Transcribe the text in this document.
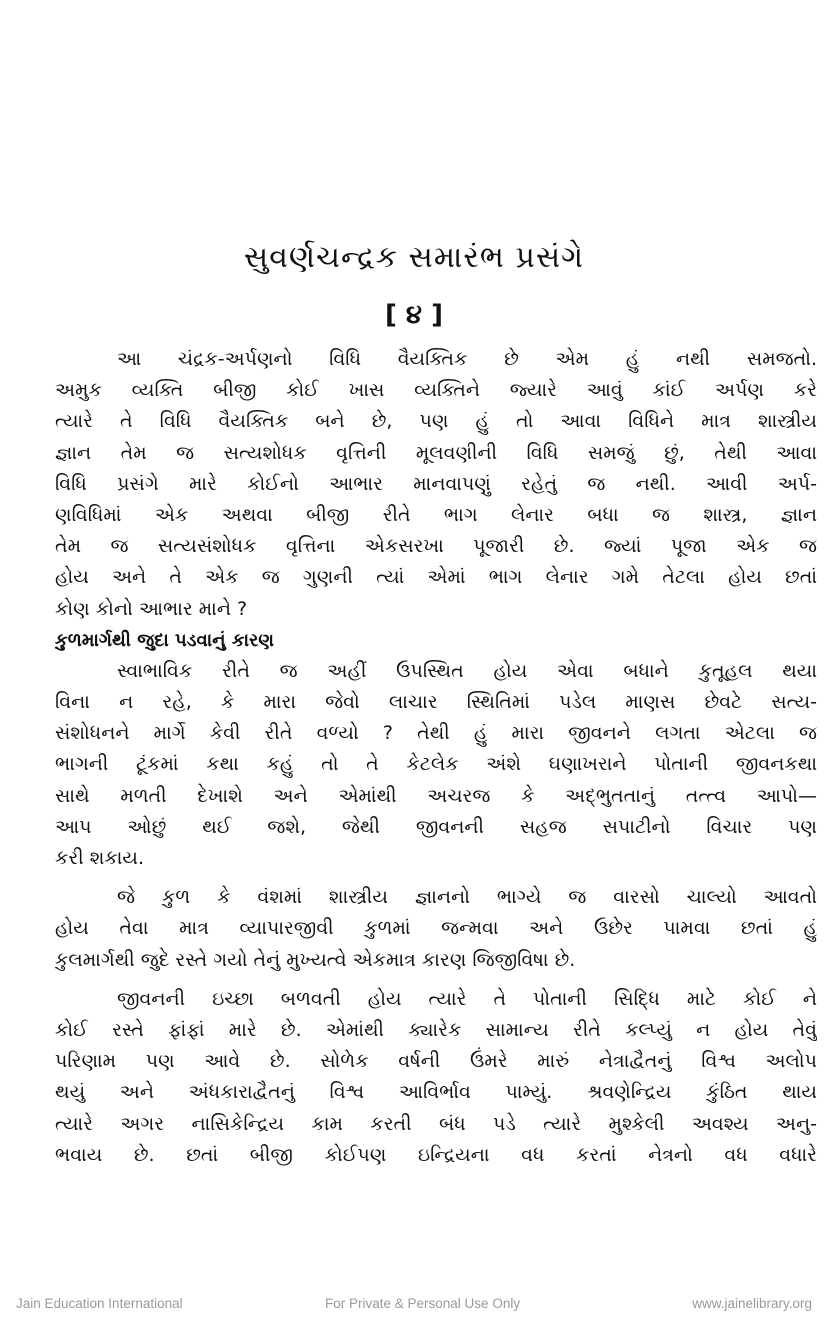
સુવર્ણચન્દ્રક સમારંભ પ્રસંગે
[ ૪ ]
આ ચંદ્રક-અર્પણનો વિધિ વૈયક્તિક છે એમ હું નથી સમજતો.
અમુક વ્યક્તિ બીજી કોઈ ખાસ વ્યક્તિને જ્યારે આવું કાંઈ અર્પણ કરે
ત્યારે તે વિધિ વૈયક્તિક બને છે, પણ હું તો આવા વિધિને માત્ર શાસ્ત્રીય
જ્ઞાન તેમ જ સત્યશોધક વૃત્તિની મૂલવણીની વિધિ સમજું છું, તેથી આવા
વિધિ પ્રસંગે મારે કોઈનો આભાર માનવાપણું રહેતું જ નથી. આવી અર્પ-
ણવિધિમાં એક અથવા બીજી રીતે ભાગ લેનાર બધા જ શાસ્ત્ર, જ્ઞાન
તેમ જ સત્યસંશોધક વૃત્તિના એકસરખા પૂજારી છે. જ્યાં પૂજા એક જ
હોય અને તે એક જ ગુણની ત્યાં એમાં ભાગ લેનાર ગમે તેટલા હોય છતાં
કોણ કોનો આભાર માને ?
કુળમાર્ગથી જુદા પડવાનું કારણ
સ્વાભાવિક રીતે જ અહીં ઉપસ્થિત હોય એવા બધાને કુતૂહલ થયા
વિના ન રહે, કે મારા જેવો લાચાર સ્થિતિમાં પડેલ માણસ છેવટે સત્ય-
સંશોધનને માર્ગે કેવી રીતે વળ્યો ? તેથી હું મારા જીવનને લગતા એટલા જ
ભાગની ટૂંકમાં કથા કહું તો તે કેટલેક અંશે ઘણાખરાને પોતાની જીવનકથા
સાથે મળતી દેખાશે અને એમાંથી અચરજ કે અદ્ભુતતાનું તત્ત્વ આપો—
આપ ઓછું થઈ જશે, જેથી જીવનની સહજ સપાટીનો વિચાર પણ
કરી શકાય.
જે કુળ કે વંશમાં શાસ્ત્રીય જ્ઞાનનો ભાગ્યે જ વારસો ચાલ્યો આવતો
હોય તેવા માત્ર વ્યાપારજીવી કુળમાં જન્મવા અને ઉછેર પામવા છતાં હું
કુલમાર્ગથી જુદે રસ્તે ગયો તેનું મુખ્યત્વે એકમાત્ર કારણ જિજીવિષા છે.
જીવનની ઇચ્છા બળવતી હોય ત્યારે તે પોતાની સિદ્ધિ માટે કોઈ ને
કોઈ રસ્તે ફાંફાં મારે છે. એમાંથી ક્યારેક સામાન્ય રીતે કલ્પ્યું ન હોય તેવું
પરિણામ પણ આવે છે. સોળેક વર્ષની ઉંમરે મારું નેત્રાદ્વૈતનું વિશ્વ અલોપ
થયું અને અંધકારાદ્વૈતનું વિશ્વ આવિર્ભાવ પામ્યું. શ્રવણેન્દ્રિય કુંઠિત થાય
ત્યારે અગર નાસિકેન્દ્રિય કામ કરતી બંધ પડે ત્યારે મુશ્કેલી અવશ્ય અનુ-
ભવાય છે. છતાં બીજી કોઈપણ ઇન્દ્રિયના વધ કરતાં નેત્રનો વધ વધારે
Jain Education International	For Private & Personal Use Only	www.jainelibrary.org
